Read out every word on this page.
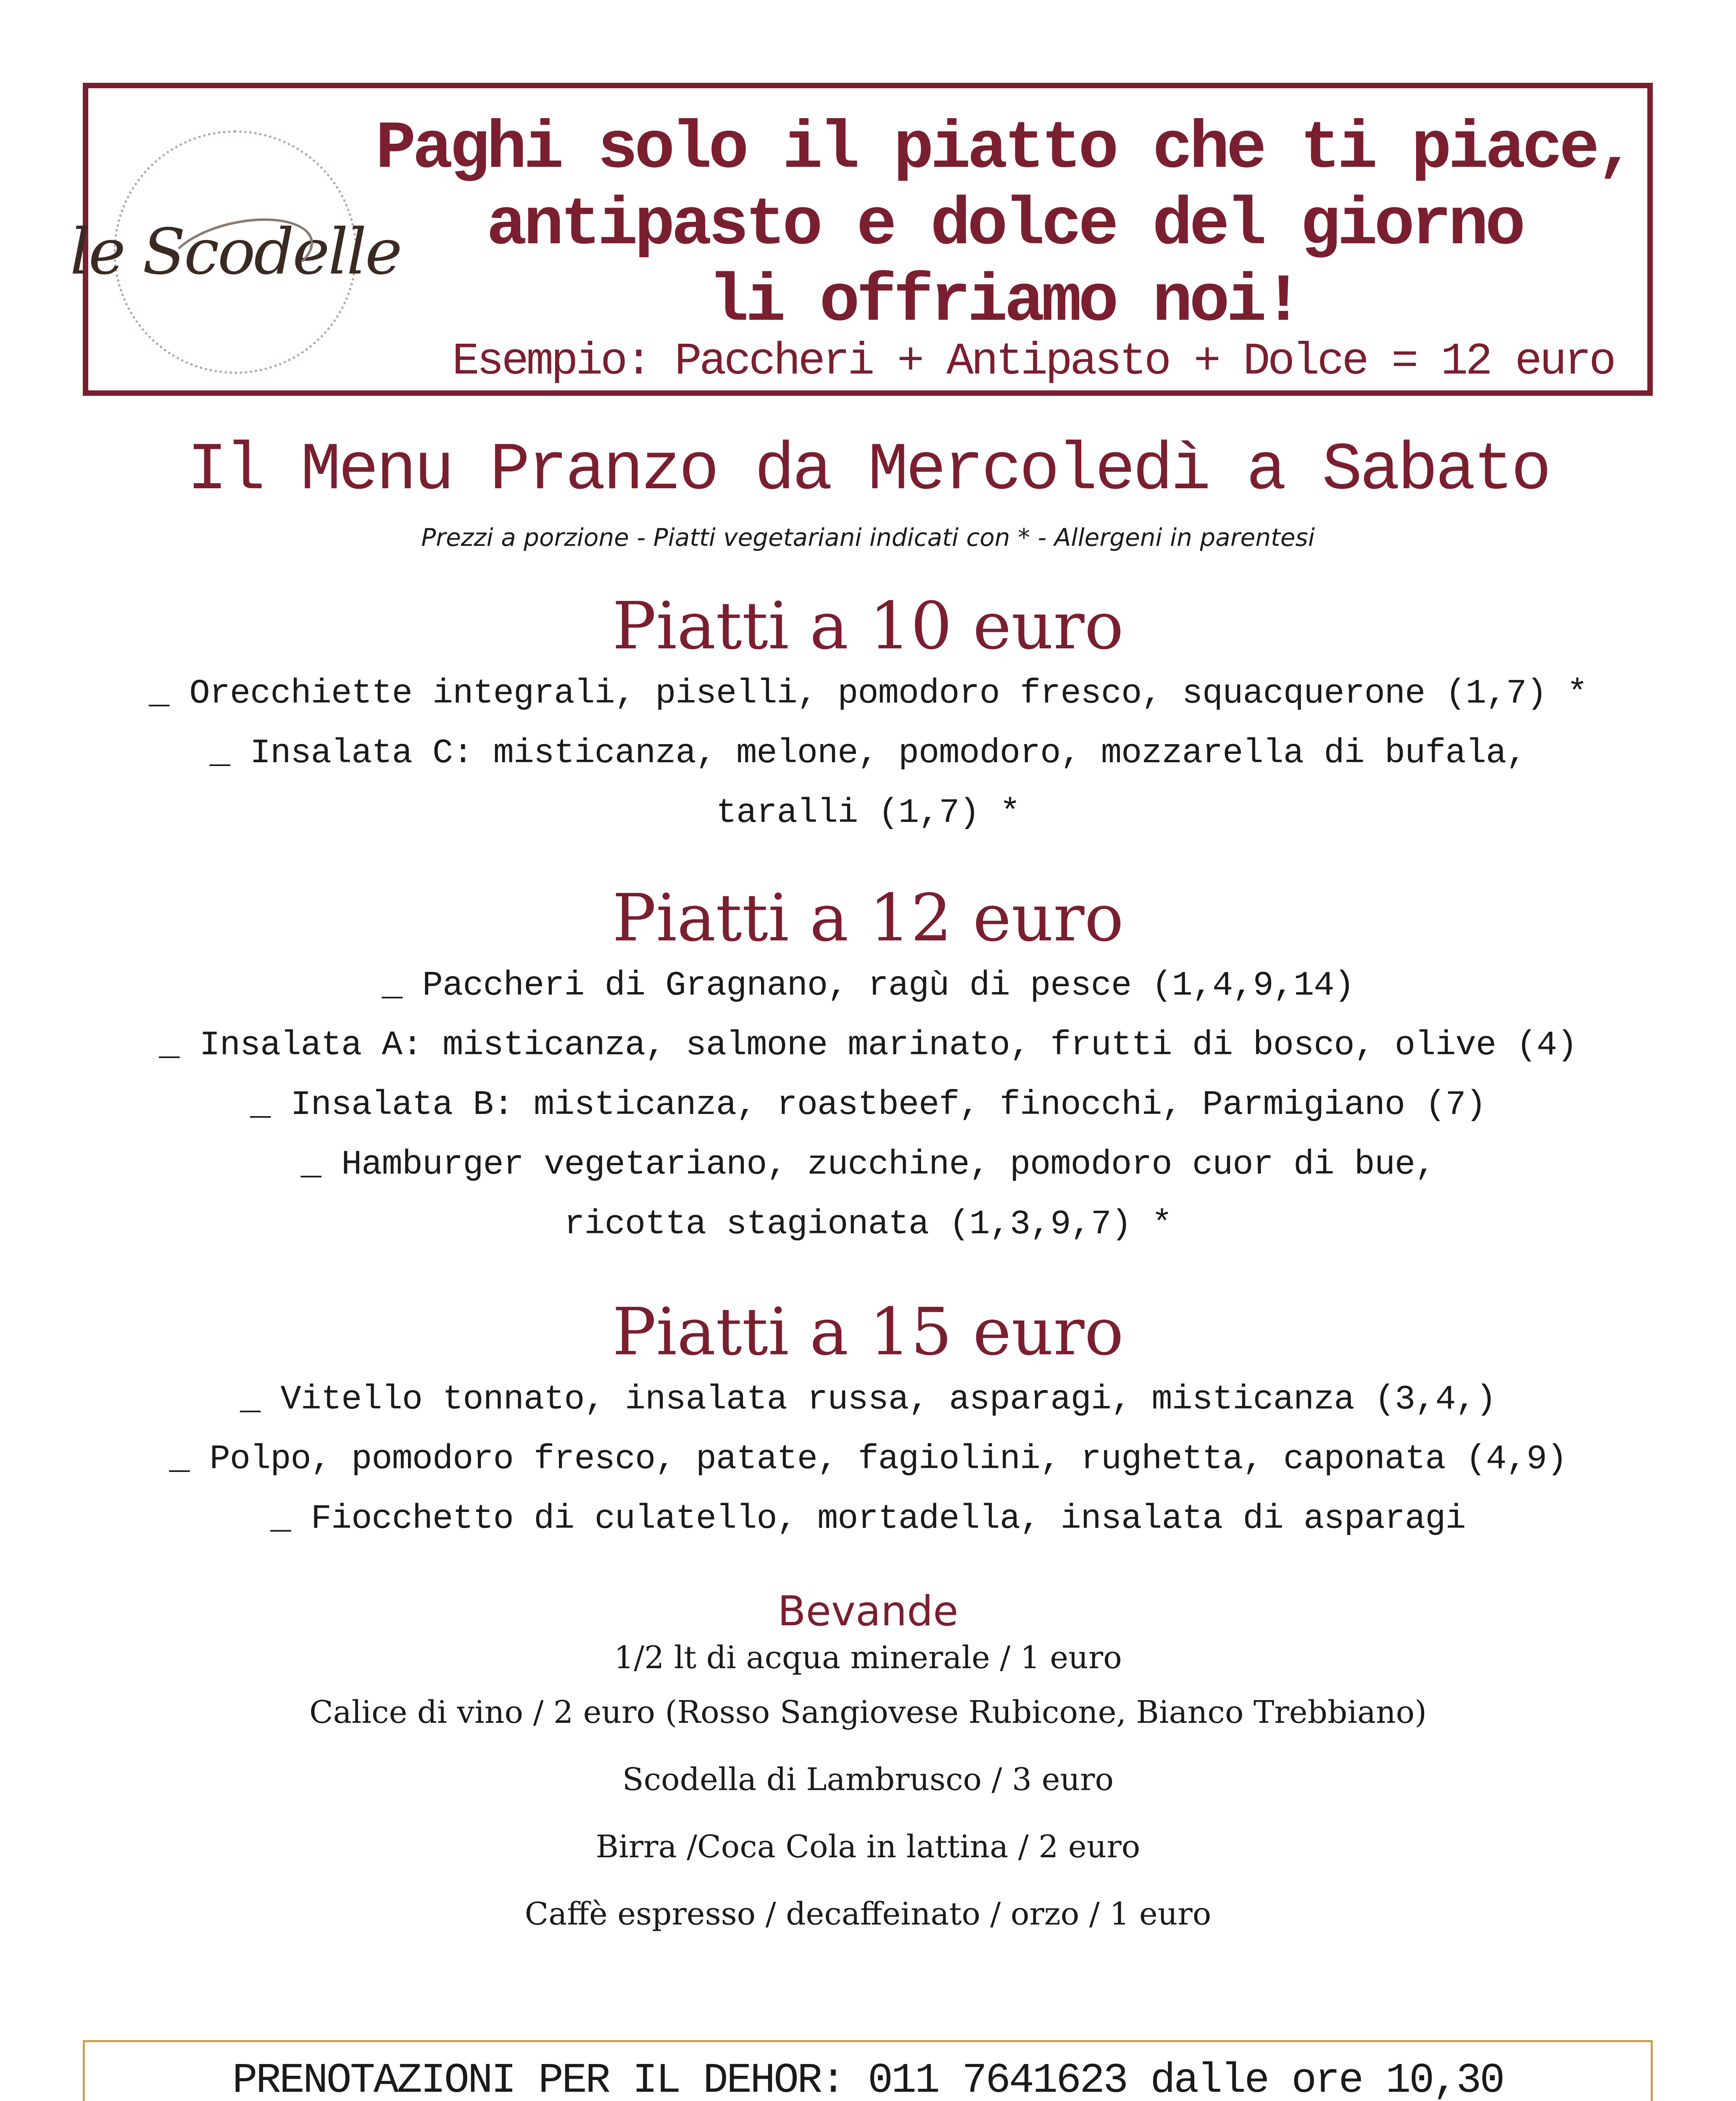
le Scodelle
Paghi solo il piatto che ti piace,
antipasto e dolce del giorno
li offriamo noi!
Esempio: Paccheri + Antipasto + Dolce = 12 euro
Il Menu Pranzo da Mercoledì a Sabato
Prezzi a porzione - Piatti vegetariani indicati con * - Allergeni in parentesi
Piatti a 10 euro
_ Orecchiette integrali, piselli, pomodoro fresco, squacquerone (1,7) *
_ Insalata C: misticanza, melone, pomodoro, mozzarella di bufala,
taralli (1,7) *
Piatti a 12 euro
_ Paccheri di Gragnano, ragù di pesce (1,4,9,14)
_ Insalata A: misticanza, salmone marinato, frutti di bosco, olive (4)
_ Insalata B: misticanza, roastbeef, finocchi, Parmigiano (7)
_ Hamburger vegetariano, zucchine, pomodoro cuor di bue,
ricotta stagionata (1,3,9,7) *
Piatti a 15 euro
_ Vitello tonnato, insalata russa, asparagi, misticanza (3,4,)
_ Polpo, pomodoro fresco, patate, fagiolini, rughetta, caponata (4,9)
_ Fiocchetto di culatello, mortadella, insalata di asparagi
Bevande
1/2 lt di acqua minerale / 1 euro
Calice di vino / 2 euro (Rosso Sangiovese Rubicone, Bianco Trebbiano)
Scodella di Lambrusco / 3 euro
Birra /Coca Cola in lattina / 2 euro
Caffè espresso / decaffeinato / orzo / 1 euro
PRENOTAZIONI PER IL DEHOR: 011 7641623 dalle ore 10,30
